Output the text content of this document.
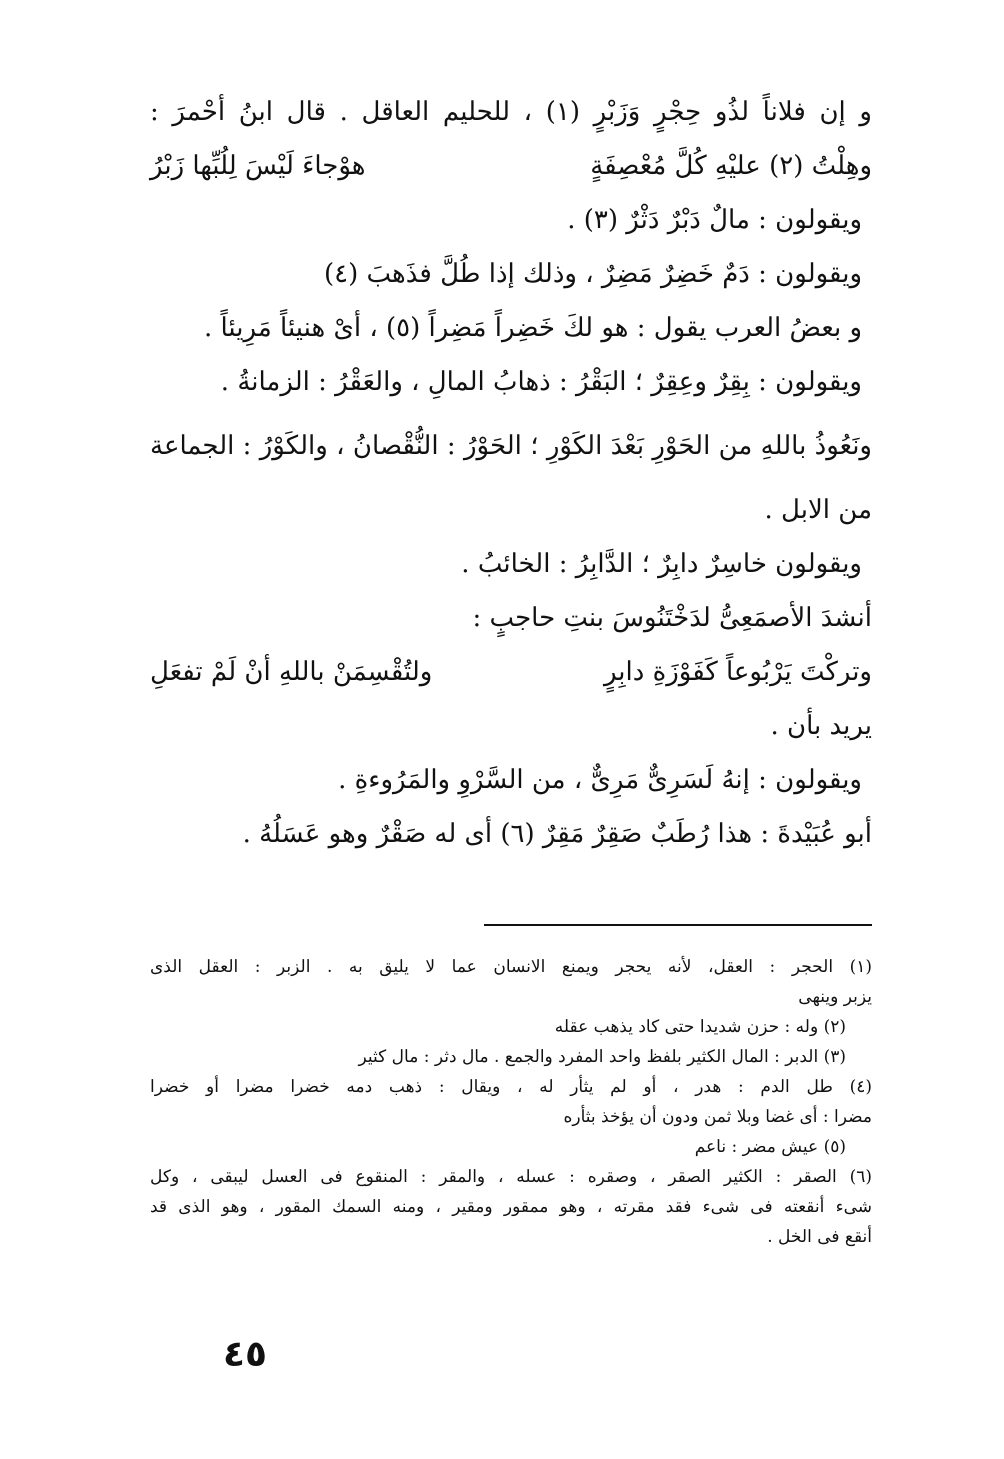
و إن فلاناً لذُو حِجْرٍ وَزَبْرٍ (١) ، للحليم العاقل . قال ابنُ أحْمرَ :
وهِلْتُ (٢) عليْهِ كُلَّ مُعْصِفَةٍ
هوْجاءَ لَيْسَ لِلُبِّها زَبْرُ
ويقولون : مالٌ دَبْرٌ دَثْرٌ (٣) .
ويقولون : دَمٌ خَضِرٌ مَضِرٌ ، وذلك إذا طُلَّ فذَهبَ (٤)
و بعضُ العرب يقول : هو لكَ خَضِراً مَضِراً (٥) ، أىْ هنيئاً مَرِيئاً .
ويقولون : بِقِرٌ وعِقِرٌ ؛ البَقْرُ : ذهابُ المالِ ، والعَقْرُ : الزمانةُ .
ونَعُوذُ باللهِ من الحَوْرِ بَعْدَ الكَوْرِ ؛ الحَوْرُ : النُّقْصانُ ، والكَوْرُ : الجماعة
من الابل .
ويقولون خاسِرٌ دابِرٌ ؛ الدَّابِرُ : الخائبُ .
أنشدَ الأصمَعِىُّ لدَخْتَنُوسَ بنتِ حاجبٍ :
وتركْتَ يَرْبُوعاً كَفَوْزَةِ دابِرٍ
ولتُقْسِمَنْ باللهِ أنْ لَمْ تفعَلِ
يريد بأن .
ويقولون : إنهُ لَسَرِىٌّ مَرِىٌّ ، من السَّرْوِ والمَرُوءةِ .
أبو عُبَيْدةَ : هذا رُطَبٌ صَقِرٌ مَقِرٌ (٦) أى له صَقْرٌ وهو عَسَلُهُ .
(١) الحجر : العقل، لأنه يحجر ويمنع الانسان عما لا يليق به . الزبر : العقل الذى
يزبر وينهى
(٢) وله : حزن شديدا حتى كاد يذهب عقله
(٣) الدبر : المال الكثير بلفظ واحد المفرد والجمع . مال دثر : مال كثير
(٤) طل الدم : هدر ، أو لم يثأر له ، ويقال : ذهب دمه خضرا مضرا أو خضرا
مضرا : أى غضا وبلا ثمن ودون أن يؤخذ بثأره
(٥) عيش مضر : ناعم
(٦) الصقر : الكثير الصقر ، وصقره : عسله ، والمقر : المنقوع فى العسل ليبقى ، وكل
شىء أنقعته فى شىء فقد مقرته ، وهو ممقور ومقير ، ومنه السمك المقور ، وهو الذى قد
أنقع فى الخل .
٤٥
